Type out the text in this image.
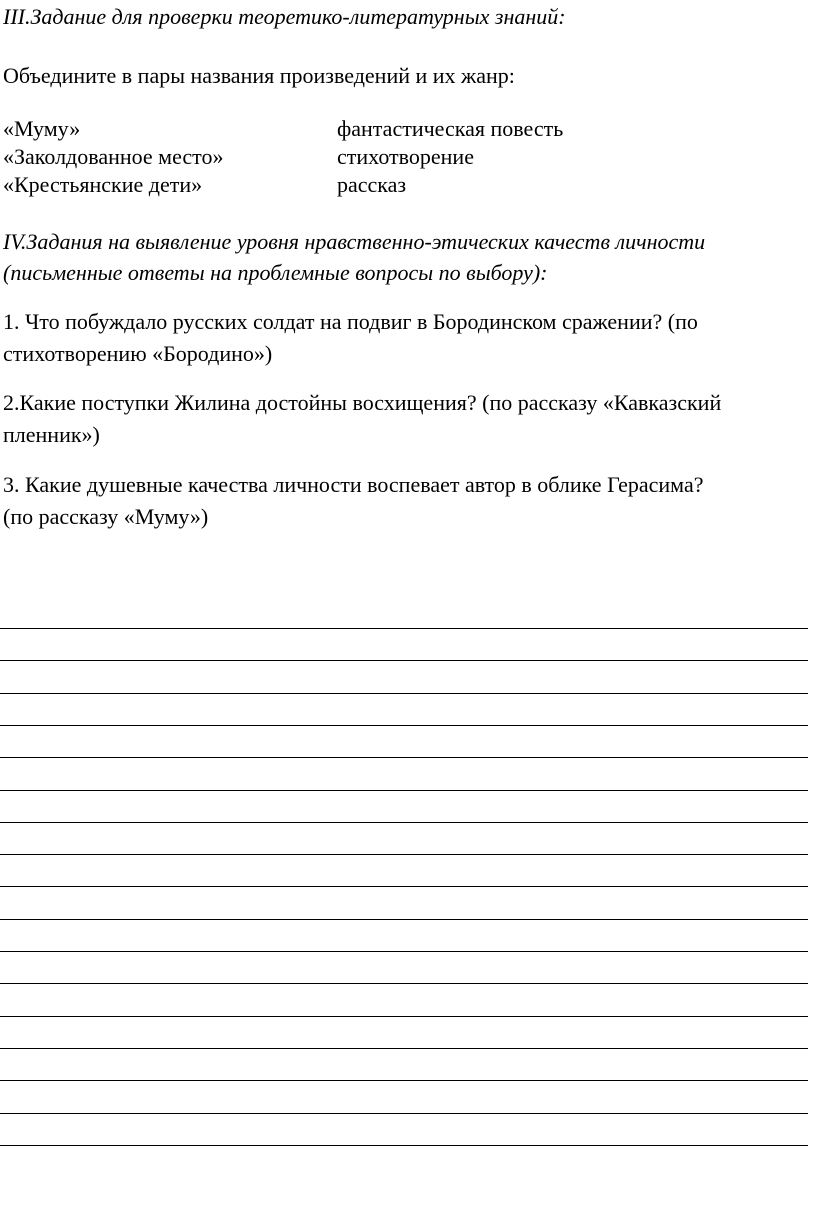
III.Задание для проверки теоретико-литературных знаний:
Объедините в пары названия произведений и их жанр:
«Муму»	фантастическая повесть
«Заколдованное место»	стихотворение
«Крестьянские дети»	рассказ
IV.Задания на выявление уровня нравственно-этических качеств личности
(письменные ответы на проблемные вопросы по выбору):
1. Что побуждало русских солдат на подвиг в Бородинском сражении? (по
стихотворению «Бородино»)
2.Какие поступки Жилина достойны восхищения? (по рассказу «Кавказский
пленник»)
3. Какие душевные качества личности воспевает автор в облике Герасима?
(по рассказу «Муму»)
